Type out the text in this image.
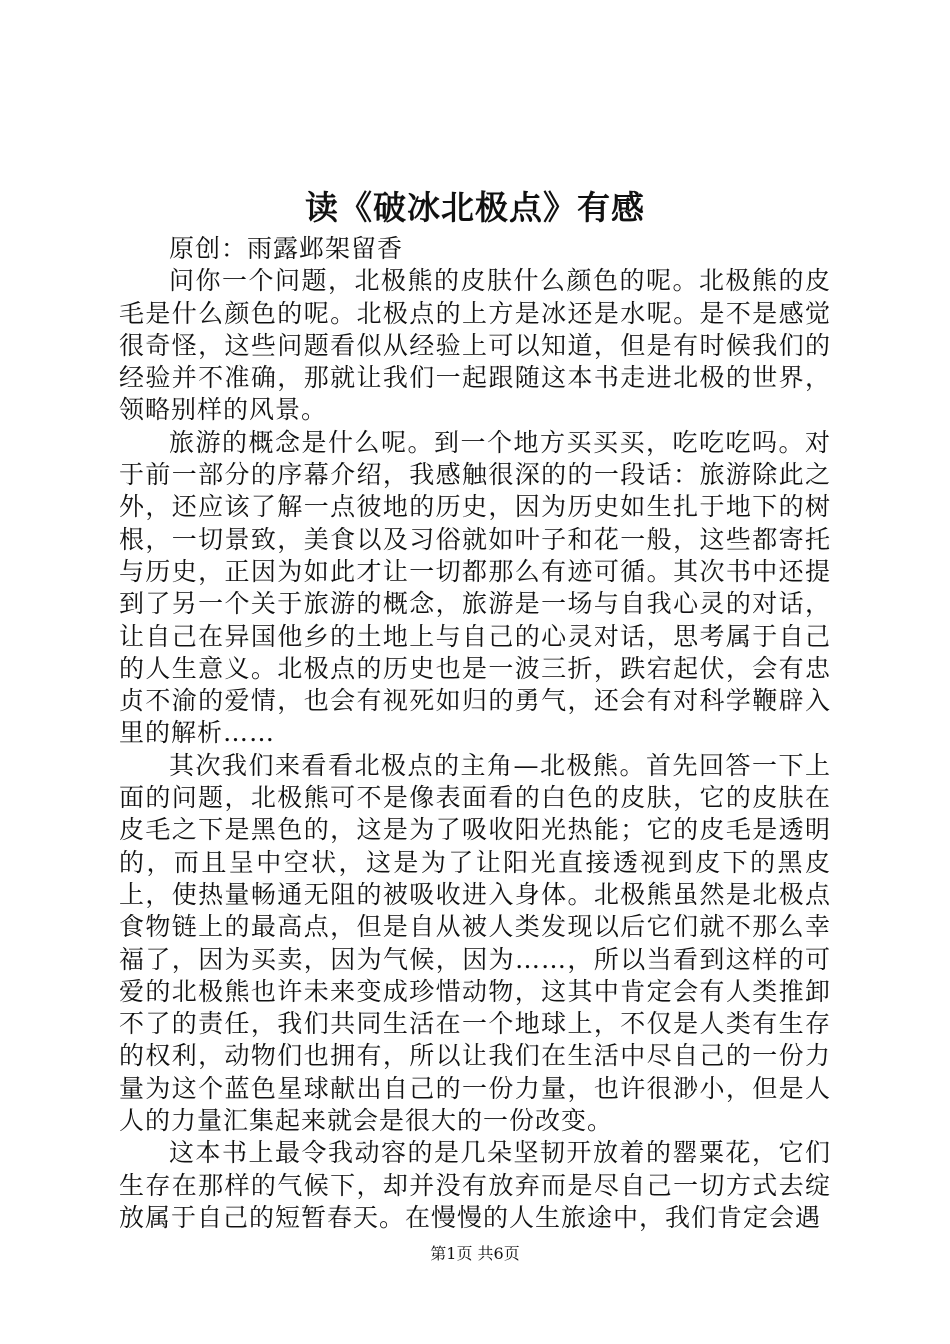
读《破冰北极点》有感

原创：雨露邺架留香

问你一个问题，北极熊的皮肤什么颜色的呢。北极熊的皮毛是什么颜色的呢。北极点的上方是冰还是水呢。是不是感觉很奇怪，这些问题看似从经验上可以知道，但是有时候我们的经验并不准确，那就让我们一起跟随这本书走进北极的世界，领略别样的风景。

旅游的概念是什么呢。到一个地方买买买，吃吃吃吗。对于前一部分的序幕介绍，我感触很深的的一段话：旅游除此之外，还应该了解一点彼地的历史，因为历史如生扎于地下的树根，一切景致，美食以及习俗就如叶子和花一般，这些都寄托与历史，正因为如此才让一切都那么有迹可循。其次书中还提到了另一个关于旅游的概念，旅游是一场与自我心灵的对话，让自己在异国他乡的土地上与自己的心灵对话，思考属于自己的人生意义。北极点的历史也是一波三折，跌宕起伏，会有忠贞不渝的爱情，也会有视死如归的勇气，还会有对科学鞭辟入里的解析……

其次我们来看看北极点的主角—北极熊。首先回答一下上面的问题，北极熊可不是像表面看的白色的皮肤，它的皮肤在皮毛之下是黑色的，这是为了吸收阳光热能；它的皮毛是透明的，而且呈中空状，这是为了让阳光直接透视到皮下的黑皮上，使热量畅通无阻的被吸收进入身体。北极熊虽然是北极点食物链上的最高点，但是自从被人类发现以后它们就不那么幸福了，因为买卖，因为气候，因为……，所以当看到这样的可爱的北极熊也许未来变成珍惜动物，这其中肯定会有人类推卸不了的责任，我们共同生活在一个地球上，不仅是人类有生存的权利，动物们也拥有，所以让我们在生活中尽自己的一份力量为这个蓝色星球献出自己的一份力量，也许很渺小，但是人人的力量汇集起来就会是很大的一份改变。

这本书上最令我动容的是几朵坚韧开放着的罂粟花，它们生存在那样的气候下，却并没有放弃而是尽自己一切方式去绽放属于自己的短暂春天。在慢慢的人生旅途中，我们肯定会遇

第1页 共6页
